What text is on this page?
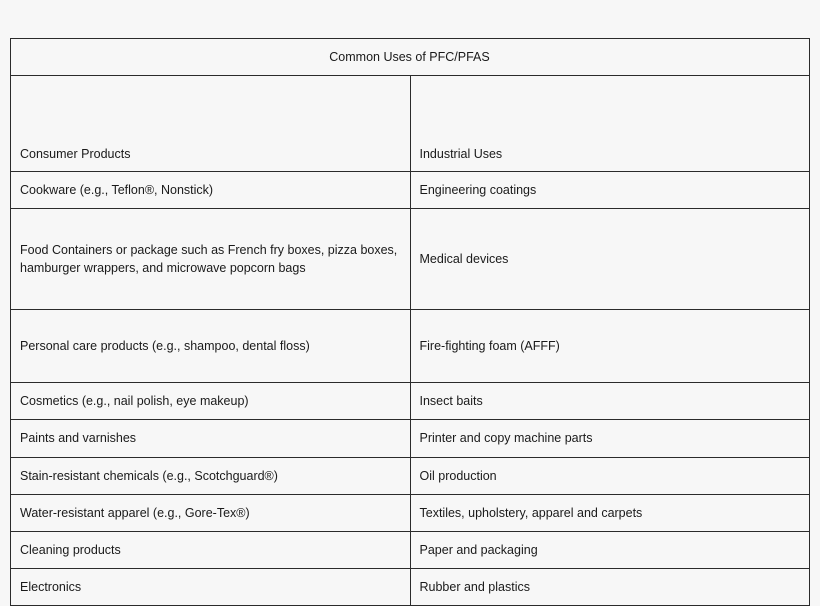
Common Uses of PFC/PFAS	
Consumer Products	Industrial Uses
Cookware (e.g., Teflon®, Nonstick)	Engineering coatings
Food Containers or package such as French fry boxes, pizza boxes, hamburger wrappers, and microwave popcorn bags	Medical devices
Personal care products (e.g., shampoo, dental floss)	Fire-fighting foam (AFFF)
Cosmetics (e.g., nail polish, eye makeup)	Insect baits
Paints and varnishes	Printer and copy machine parts
Stain-resistant chemicals (e.g., Scotchguard®)	Oil production
Water-resistant apparel (e.g., Gore-Tex®)	Textiles, upholstery, apparel and carpets
Cleaning products	Paper and packaging
Electronics	Rubber and plastics
